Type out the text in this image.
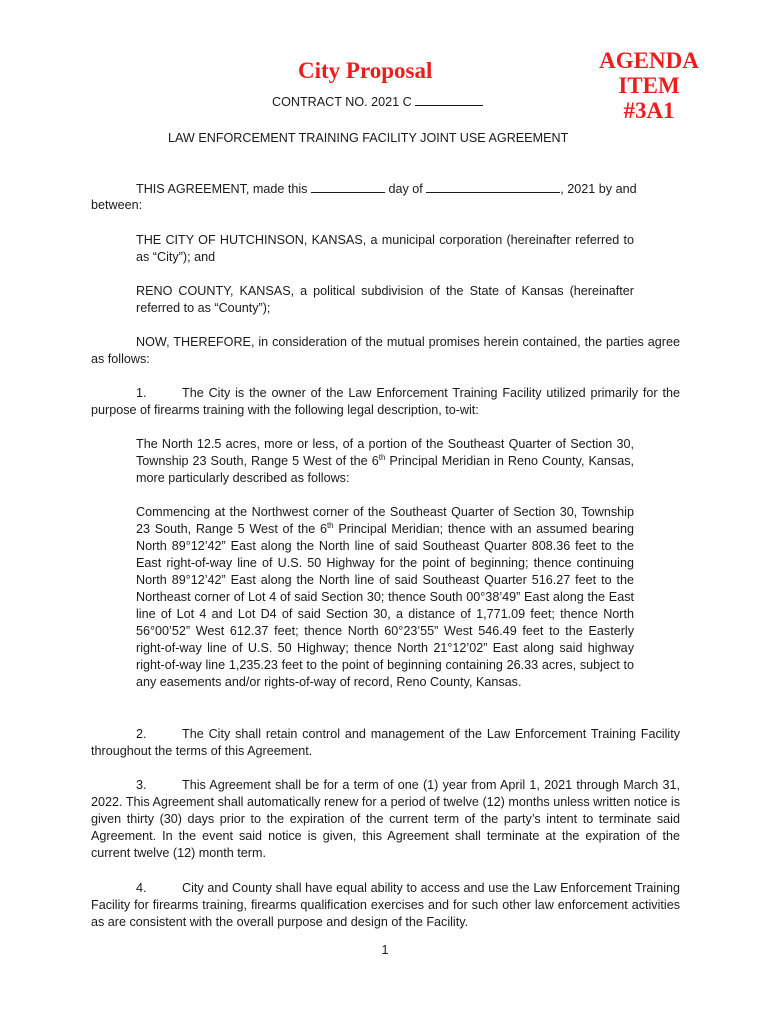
City Proposal	AGENDA
ITEM #3A1
CONTRACT NO. 2021 C
LAW ENFORCEMENT TRAINING FACILITY JOINT USE AGREEMENT
THIS AGREEMENT, made this	day of	, 2021 by and
between:
THE CITY OF HUTCHINSON, KANSAS, a municipal corporation (hereinafter referred to as “City”); and
RENO COUNTY, KANSAS, a political subdivision of the State of Kansas (hereinafter referred to as “County”);
NOW, THEREFORE, in consideration of the mutual promises herein contained, the parties agree as follows:
1.	The City is the owner of the Law Enforcement Training Facility utilized primarily for the purpose of firearms training with the following legal description, to-wit:
The North 12.5 acres, more or less, of a portion of the Southeast Quarter of Section 30, Township 23 South, Range 5 West of the 6th Principal Meridian in Reno County, Kansas, more particularly described as follows:
Commencing at the Northwest corner of the Southeast Quarter of Section 30, Township 23 South, Range 5 West of the 6th Principal Meridian; thence with an assumed bearing North 89°12’42” East along the North line of said Southeast Quarter 808.36 feet to the East right-of-way line of U.S. 50 Highway for the point of beginning; thence continuing North 89°12’42” East along the North line of said Southeast Quarter 516.27 feet to the Northeast corner of Lot 4 of said Section 30; thence South 00°38’49” East along the East line of Lot 4 and Lot D4 of said Section 30, a distance of 1,771.09 feet; thence North 56°00’52” West 612.37 feet; thence North 60°23’55” West 546.49 feet to the Easterly right-of-way line of U.S. 50 Highway; thence North 21°12’02” East along said highway right-of-way line 1,235.23 feet to the point of beginning containing 26.33 acres, subject to any easements and/or rights-of-way of record, Reno County, Kansas.
2.	The City shall retain control and management of the Law Enforcement Training Facility throughout the terms of this Agreement.
3.	This Agreement shall be for a term of one (1) year from April 1, 2021 through March 31, 2022. This Agreement shall automatically renew for a period of twelve (12) months unless written notice is given thirty (30) days prior to the expiration of the current term of the party’s intent to terminate said Agreement. In the event said notice is given, this Agreement shall terminate at the expiration of the current twelve (12) month term.
4.	City and County shall have equal ability to access and use the Law Enforcement Training Facility for firearms training, firearms qualification exercises and for such other law enforcement activities as are consistent with the overall purpose and design of the Facility.
1
